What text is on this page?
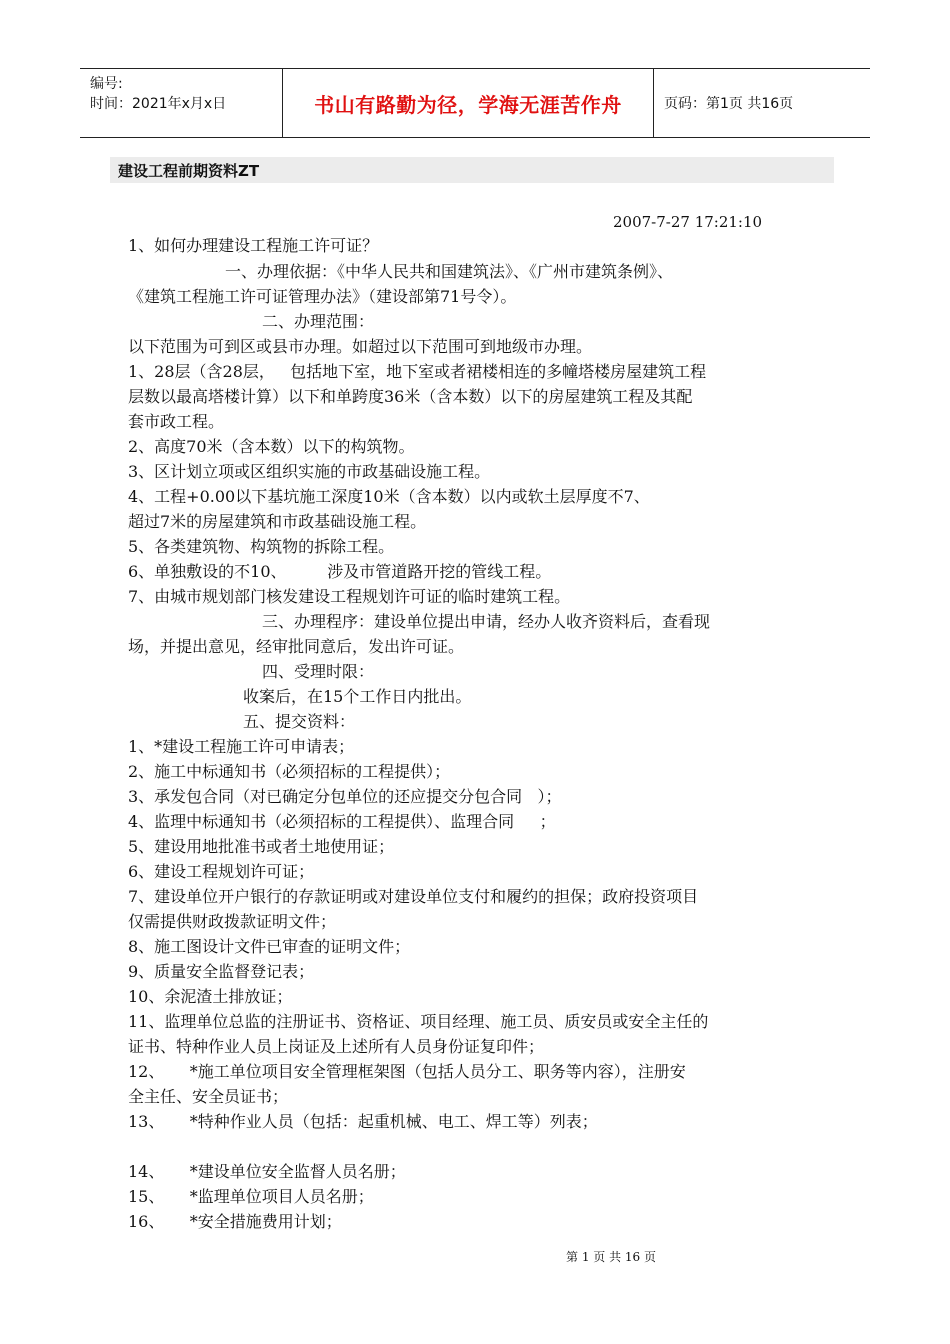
编号:
时间：2021年x月x日	书山有路勤为径，学海无涯苦作舟	页码：第1页 共16页
建设工程前期资料ZT
2007-7-27 17:21:10
1、如何办理建设工程施工许可证？
一、办理依据：《中华人民共和国建筑法》、《广州市建筑条例》、
《建筑工程施工许可证管理办法》（建设部第71号令）。
二、办理范围：
以下范围为可到区或县市办理。如超过以下范围可到地级市办理。
1、28层（含28层，   包括地下室，地下室或者裙楼相连的多幢塔楼房屋建筑工程
层数以最高塔楼计算）以下和单跨度36米（含本数）以下的房屋建筑工程及其配
套市政工程。
2、高度70米（含本数）以下的构筑物。
3、区计划立项或区组织实施的市政基础设施工程。
4、工程+0.00以下基坑施工深度10米（含本数）以内或软土层厚度不7、
超过7米的房屋建筑和市政基础设施工程。
5、各类建筑物、构筑物的拆除工程。
6、单独敷设的不10、        涉及市管道路开挖的管线工程。
7、由城市规划部门核发建设工程规划许可证的临时建筑工程。
三、办理程序：建设单位提出申请，经办人收齐资料后，查看现
场，并提出意见，经审批同意后，发出许可证。
四、受理时限：
收案后，在15个工作日内批出。
五、提交资料：
1、*建设工程施工许可申请表；
2、施工中标通知书（必须招标的工程提供）；
3、承发包合同（对已确定分包单位的还应提交分包合同   ）；
4、监理中标通知书（必须招标的工程提供）、监理合同     ；
5、建设用地批准书或者土地使用证；
6、建设工程规划许可证；
7、建设单位开户银行的存款证明或对建设单位支付和履约的担保；政府投资项目
仅需提供财政拨款证明文件；
8、施工图设计文件已审查的证明文件；
9、质量安全监督登记表；
10、余泥渣土排放证；
11、监理单位总监的注册证书、资格证、项目经理、施工员、质安员或安全主任的
证书、特种作业人员上岗证及上述所有人员身份证复印件；
12、     *施工单位项目安全管理框架图（包括人员分工、职务等内容），注册安
全主任、安全员证书；
13、     *特种作业人员（包括：起重机械、电工、焊工等）列表；
14、     *建设单位安全监督人员名册；
15、     *监理单位项目人员名册；
16、     *安全措施费用计划；
第 1 页 共 16 页
